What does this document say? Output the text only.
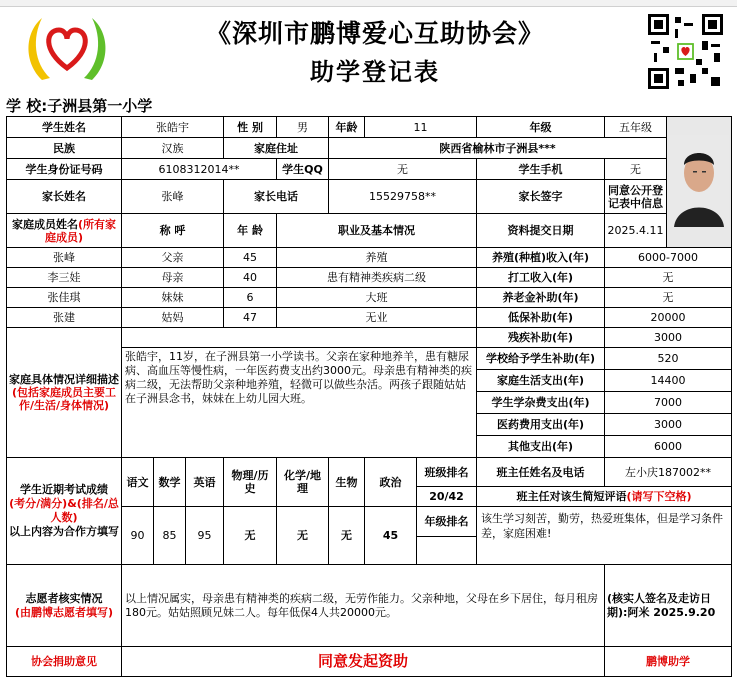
《深圳市鹏博爱心互助协会》
助学登记表
学 校:子洲县第一小学
学生姓名	张皓宇			性 别	男	年龄	11		年级	五年级	
民族	汉族			家庭住址		陕西省榆林市子洲县***					
学生身份证号码	6108312014**				学生QQ	无			学生手机	无	
家长姓名	张峰			家长电话		15529758**			家长签字	同意公开登记表中信息	
家庭成员姓名(所有家庭成员)	称 呼			年 龄	职业及基本情况				资料提交日期	2025.4.11	
张峰	父亲			45	养殖				养殖(种植)收入(年)	6000-7000	
李三娃	母亲			40	患有精神类疾病二级				打工收入(年)	无	
张佳琪	妹妹			6	大班				养老金补助(年)	无	
张建	姑妈			47	无业				低保补助(年)	20000	
家庭具体情况详细描述(包括家庭成员主要工作/生活/身体情况)									残疾补助(年)	3000	
	张皓宇，11岁，在子洲县第一小学读书。父亲在家种地养羊，患有糖尿病、高血压等慢性病，一年医药费支出约3000元。母亲患有精神类的疾病二级，无法帮助父亲种地养殖，轻微可以做些杂活。两孩子跟随姑姑在子洲县念书，妹妹在上幼儿园大班。								学校给予学生补助(年)	520	
									家庭生活支出(年)	14400	
									学生学杂费支出(年)	7000	
									医药费用支出(年)	3000	
									其他支出(年)	6000	
学生近期考试成绩
(考分/满分)&(排名/总人数)
以上内容为合作方填写	语文	数学	英语	物理/历史	化学/地理	生物	政治	班级排名	班主任姓名及电话	左小庆187002**	
								20/42	班主任对该生简短评语(请写下空格)		
	90	85	95	无	无	无	45	年级排名	该生学习刻苦，勤劳，热爱班集体，但是学习条件差，家庭困难!		

志愿者核实情况
(由鹏博志愿者填写)	以上情况属实，母亲患有精神类的疾病二级，无劳作能力。父亲种地，父母在乡下居住，每月租房180元。姑姑照顾兄妹二人。每年低保4人共20000元。									(核实人签名及走访日期):阿米 2025.9.20	
协会捐助意见	同意发起资助									鹏博助学	
